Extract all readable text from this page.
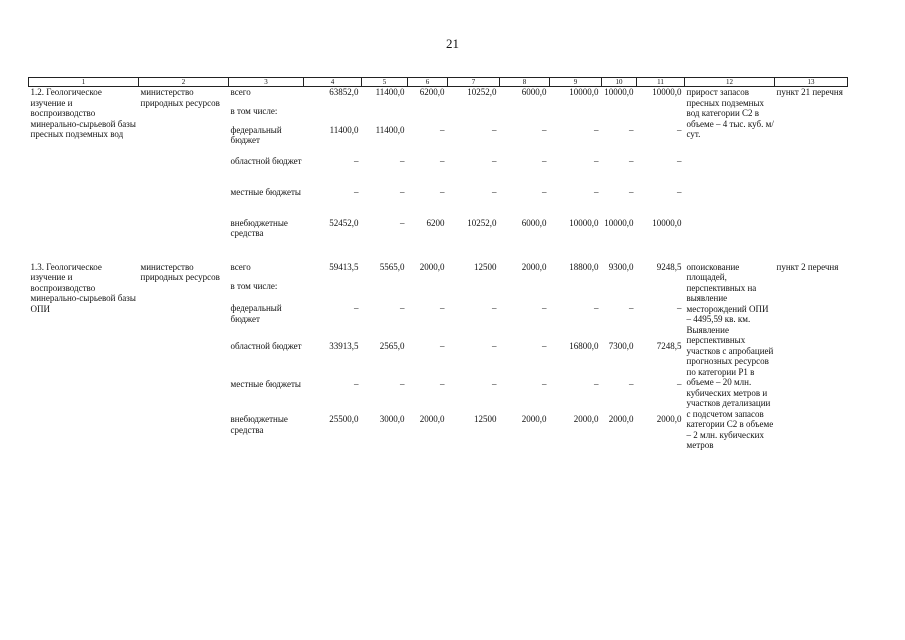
21
1	2	3	4	5	6	7	8	9	10	11	12	13
1.2. Геологическое изучение и воспроизводство минерально-сырьевой базы пресных подземных вод	министерство природных ресурсов	всего	63852,0	11400,0	6200,0	10252,0	6000,0	10000,0	10000,0	10000,0	прирост запасов пресных подземных вод категории С2 в объеме – 4 тыс. куб. м/сут.	пункт 21 перечня
		в том числе:										
		федеральный бюджет	11400,0	11400,0	–	–	–	–	–	–		
		областной бюджет	–	–	–	–	–	–	–	–		
		местные бюджеты	–	–	–	–	–	–	–	–		
		внебюджетные средства	52452,0	–	6200	10252,0	6000,0	10000,0	10000,0	10000,0		

1.3. Геологическое изучение и воспроизводство минерально-сырьевой базы ОПИ	министерство природных ресурсов	всего	59413,5	5565,0	2000,0	12500	2000,0	18800,0	9300,0	9248,5	опоискование площадей, перспективных на выявление месторождений ОПИ – 4495,59 кв. км. Выявление перспективных участков с апробацией прогнозных ресурсов по категории Р1 в объеме – 20 млн. кубических метров и участков детализации с подсчетом запасов категории С2 в объеме – 2 млн. кубических метров	пункт 2 перечня
		в том числе:										
		федеральный бюджет	–	–	–	–	–	–	–	–		
		областной бюджет	33913,5	2565,0	–	–	–	16800,0	7300,0	7248,5		
		местные бюджеты	–	–	–	–	–	–	–	–		
		внебюджетные средства	25500,0	3000,0	2000,0	12500	2000,0	2000,0	2000,0	2000,0		
